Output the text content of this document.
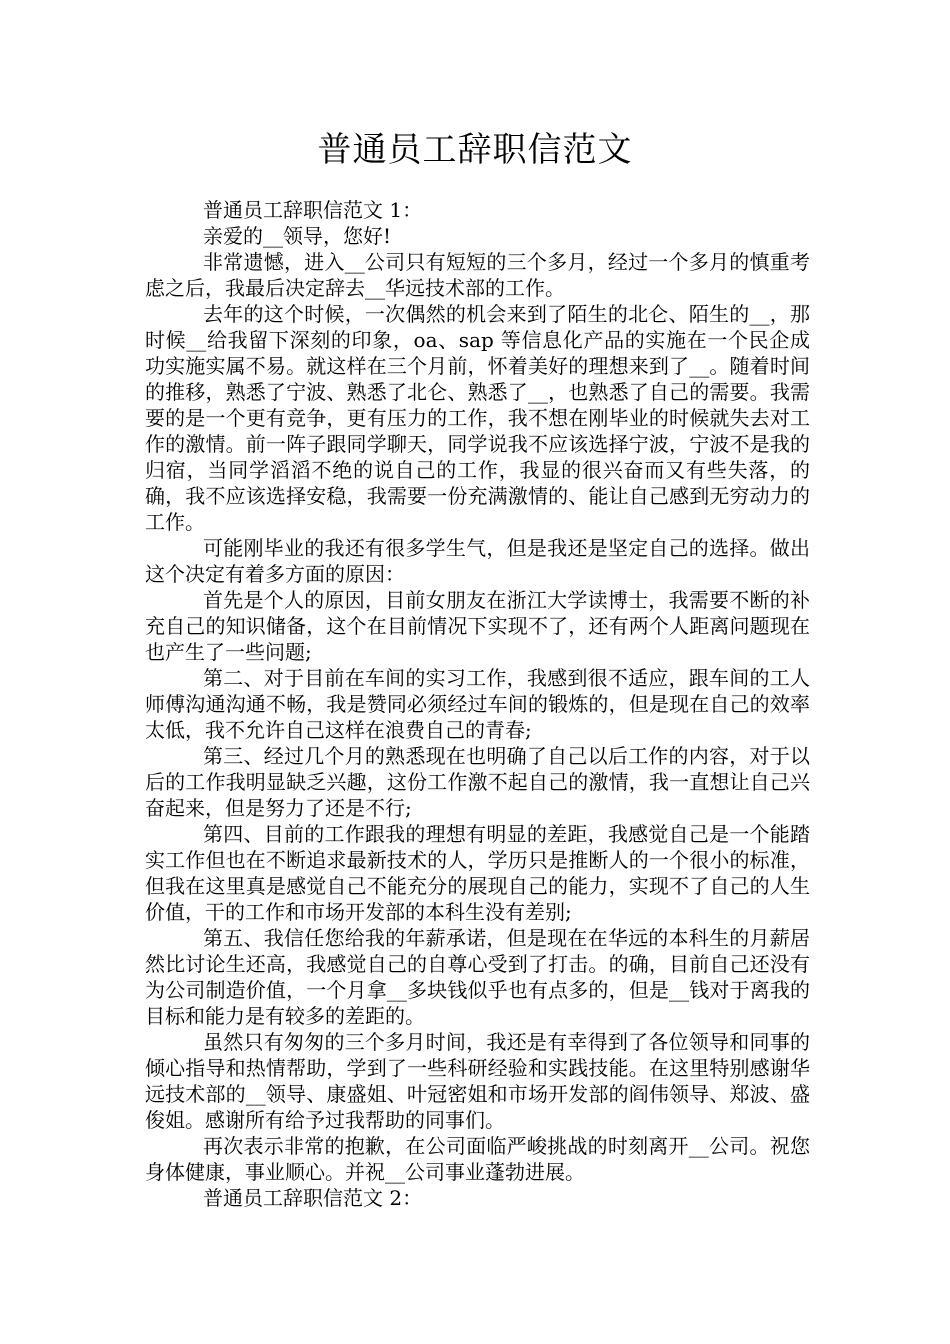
普通员工辞职信范文

普通员工辞职信范文 1：

亲爱的__领导，您好!

非常遗憾，进入__公司只有短短的三个多月，经过一个多月的慎重考虑之后，我最后决定辞去__华远技术部的工作。

去年的这个时候，一次偶然的机会来到了陌生的北仑、陌生的__，那时候__给我留下深刻的印象，oa、sap 等信息化产品的实施在一个民企成功实施实属不易。就这样在三个月前，怀着美好的理想来到了__。随着时间的推移，熟悉了宁波、熟悉了北仑、熟悉了__，也熟悉了自己的需要。我需要的是一个更有竞争，更有压力的工作，我不想在刚毕业的时候就失去对工作的激情。前一阵子跟同学聊天，同学说我不应该选择宁波，宁波不是我的归宿，当同学滔滔不绝的说自己的工作，我显的很兴奋而又有些失落，的确，我不应该选择安稳，我需要一份充满激情的、能让自己感到无穷动力的工作。

可能刚毕业的我还有很多学生气，但是我还是坚定自己的选择。做出这个决定有着多方面的原因：

首先是个人的原因，目前女朋友在浙江大学读博士，我需要不断的补充自己的知识储备，这个在目前情况下实现不了，还有两个人距离问题现在也产生了一些问题;

第二、对于目前在车间的实习工作，我感到很不适应，跟车间的工人师傅沟通沟通不畅，我是赞同必须经过车间的锻炼的，但是现在自己的效率太低，我不允许自己这样在浪费自己的青春;

第三、经过几个月的熟悉现在也明确了自己以后工作的内容，对于以后的工作我明显缺乏兴趣，这份工作激不起自己的激情，我一直想让自己兴奋起来，但是努力了还是不行;

第四、目前的工作跟我的理想有明显的差距，我感觉自己是一个能踏实工作但也在不断追求最新技术的人，学历只是推断人的一个很小的标准，但我在这里真是感觉自己不能充分的展现自己的能力，实现不了自己的人生价值，干的工作和市场开发部的本科生没有差别;

第五、我信任您给我的年薪承诺，但是现在在华远的本科生的月薪居然比讨论生还高，我感觉自己的自尊心受到了打击。的确，目前自己还没有为公司制造价值，一个月拿__多块钱似乎也有点多的，但是__钱对于离我的目标和能力是有较多的差距的。

虽然只有匆匆的三个多月时间，我还是有幸得到了各位领导和同事的倾心指导和热情帮助，学到了一些科研经验和实践技能。在这里特别感谢华远技术部的__领导、康盛姐、叶冠密姐和市场开发部的阎伟领导、郑波、盛俊姐。感谢所有给予过我帮助的同事们。

再次表示非常的抱歉，在公司面临严峻挑战的时刻离开__公司。祝您身体健康，事业顺心。并祝__公司事业蓬勃进展。

普通员工辞职信范文 2：
